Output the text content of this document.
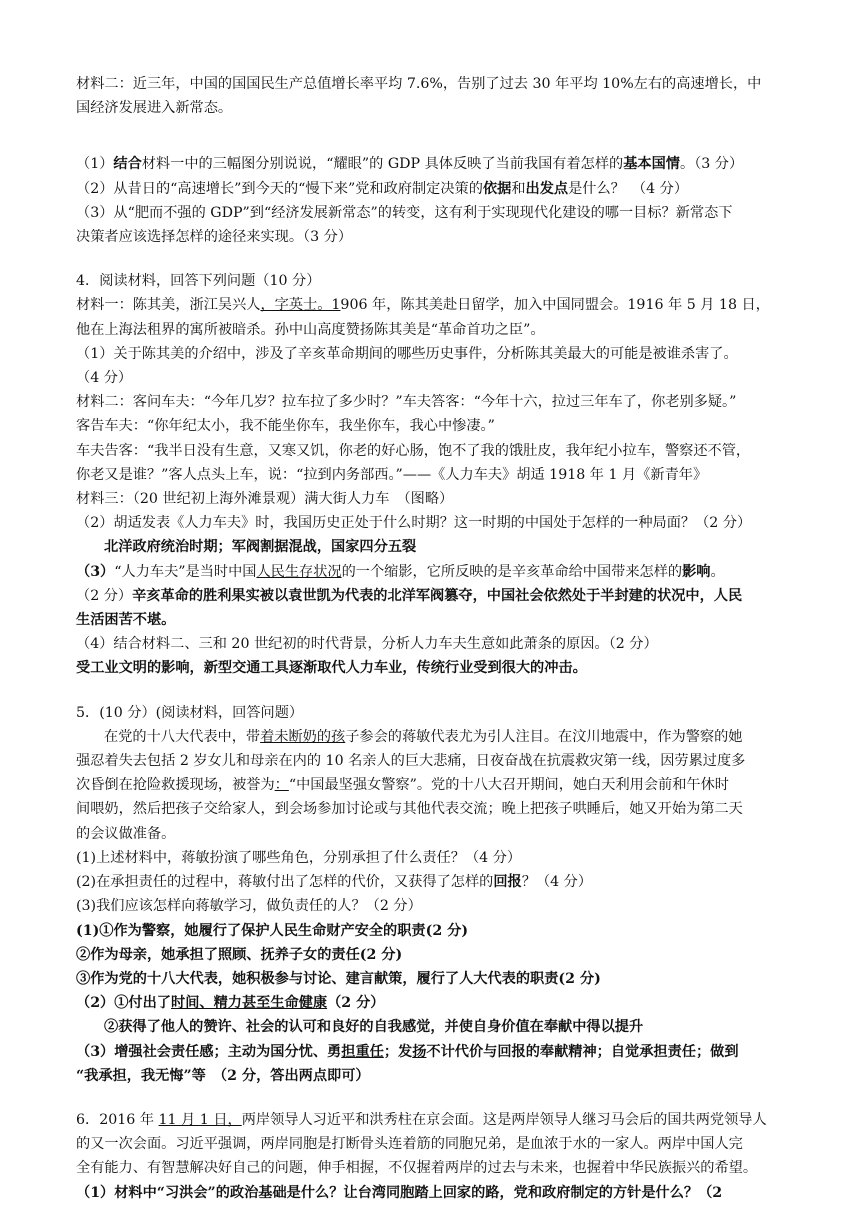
材料二：近三年，中国的国国民生产总值增长率平均 7.6%，告别了过去 30 年平均 10%左右的高速增长，中
国经济发展进入新常态。
（1）结合材料一中的三幅图分别说说，“耀眼”的 GDP 具体反映了当前我国有着怎样的基本国情。（3 分）
（2）从昔日的“高速增长”到今天的“慢下来”党和政府制定决策的依据和出发点是什么？　（4 分）
（3）从“肥而不强的 GDP”到“经济发展新常态”的转变，这有利于实现现代化建设的哪一目标？新常态下
决策者应该选择怎样的途径来实现。（3 分）
4．阅读材料，回答下列问题（10 分）
材料一：陈其美，浙江吴兴人，字英士。1906 年，陈其美赴日留学，加入中国同盟会。1916 年 5 月 18 日，
他在上海法租界的寓所被暗杀。孙中山高度赞扬陈其美是“革命首功之臣”。
（1）关于陈其美的介绍中，涉及了辛亥革命期间的哪些历史事件，分析陈其美最大的可能是被谁杀害了。
（4 分）
材料二：客问车夫：“今年几岁？拉车拉了多少时？”车夫答客：“今年十六，拉过三年车了，你老别多疑。”
客告车夫：“你年纪太小，我不能坐你车，我坐你车，我心中惨凄。”
车夫告客：“我半日没有生意，又寒又饥，你老的好心肠，饱不了我的饿肚皮，我年纪小拉车，警察还不管，
你老又是谁？”客人点头上车，说：“拉到内务部西。”——《人力车夫》胡适 1918 年 1 月《新青年》
材料三：（20 世纪初上海外滩景观）满大街人力车　（图略）
（2）胡适发表《人力车夫》时，我国历史正处于什么时期？这一时期的中国处于怎样的一种局面？（2 分）
北洋政府统治时期；军阀割据混战，国家四分五裂
（3）“人力车夫”是当时中国人民生存状况的一个缩影，它所反映的是辛亥革命给中国带来怎样的影响。
（2 分）辛亥革命的胜利果实被以袁世凯为代表的北洋军阀篡夺，中国社会依然处于半封建的状况中，人民
生活困苦不堪。
（4）结合材料二、三和 20 世纪初的时代背景，分析人力车夫生意如此萧条的原因。（2 分）
受工业文明的影响，新型交通工具逐渐取代人力车业，传统行业受到很大的冲击。
5．(10 分）(阅读材料，回答问题）
在党的十八大代表中，带着未断奶的孩子参会的蒋敏代表尤为引人注目。在汶川地震中，作为警察的她
强忍着失去包括 2 岁女儿和母亲在内的 10 名亲人的巨大悲痛，日夜奋战在抗震救灾第一线，因劳累过度多
次昏倒在抢险救援现场，被誉为：“中国最坚强女警察”。党的十八大召开期间，她白天利用会前和午休时
间喂奶，然后把孩子交给家人，到会场参加讨论或与其他代表交流；晚上把孩子哄睡后，她又开始为第二天
的会议做准备。
(1)上述材料中，蒋敏扮演了哪些角色，分别承担了什么责任？（4 分）
(2)在承担责任的过程中，蒋敏付出了怎样的代价，又获得了怎样的回报？（4 分）
(3)我们应该怎样向蒋敏学习，做负责任的人？（2 分）
(1)①作为警察，她履行了保护人民生命财产安全的职责(2 分)
②作为母亲，她承担了照顾、抚养子女的责任(2 分)
③作为党的十八大代表，她积极参与讨论、建言献策，履行了人大代表的职责(2 分)
（2）①付出了时间、精力甚至生命健康（2 分）
②获得了他人的赞许、社会的认可和良好的自我感觉，并使自身价值在奉献中得以提升
（3）增强社会责任感；主动为国分忧、勇担重任；发扬不计代价与回报的奉献精神；自觉承担责任；做到
“我承担，我无悔”等　（2 分，答出两点即可）
6．2016 年 11 月 1 日，两岸领导人习近平和洪秀柱在京会面。这是两岸领导人继习马会后的国共两党领导人
的又一次会面。习近平强调，两岸同胞是打断骨头连着筋的同胞兄弟，是血浓于水的一家人。两岸中国人完
全有能力、有智慧解决好自己的问题，伸手相握，不仅握着两岸的过去与未来，也握着中华民族振兴的希望。
（1）材料中“习洪会”的政治基础是什么？让台湾同胞踏上回家的路，党和政府制定的方针是什么？（2
